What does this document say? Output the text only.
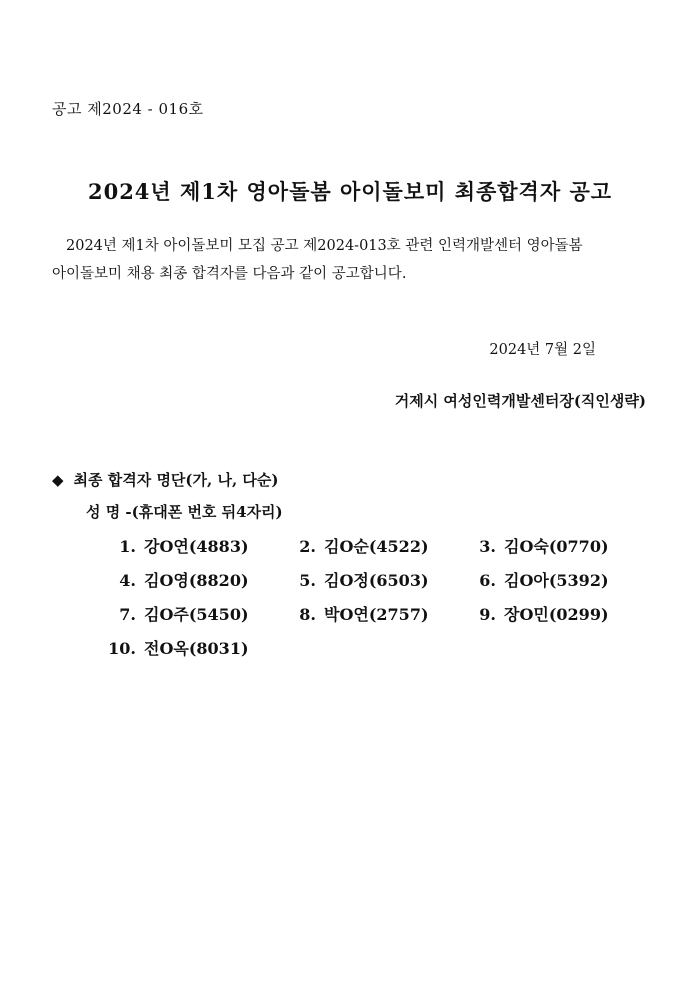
공고 제2024 - 016호
2024년 제1차 영아돌봄 아이돌보미 최종합격자 공고
2024년 제1차 아이돌보미 모집 공고 제2024-013호 관련 인력개발센터 영아돌봄
아이돌보미 채용 최종 합격자를 다음과 같이 공고합니다.
2024년 7월 2일
거제시 여성인력개발센터장(직인생략)
◆ 최종 합격자 명단(가, 나, 다순)
성 명 -(휴대폰 번호 뒤4자리)
1. 강O연(4883)	2. 김O순(4522)	3. 김O숙(0770)
4. 김O영(8820)	5. 김O정(6503)	6. 김O아(5392)
7. 김O주(5450)	8. 박O연(2757)	9. 장O민(0299)
10. 전O옥(8031)
